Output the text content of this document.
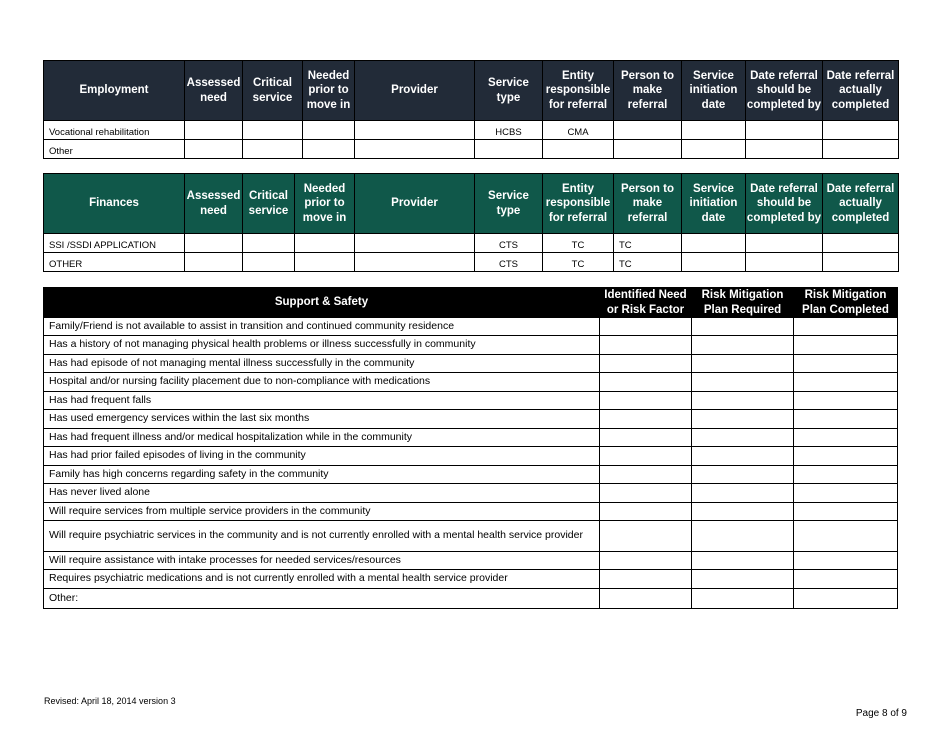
Employment	Assessed need	Critical service	Needed prior to move in	Provider	Service type	Entity responsible for referral	Person to make referral	Service initiation date	Date referral should be completed by	Date referral actually completed
Vocational rehabilitation					HCBS	CMA				
Other										
Finances	Assessed need	Critical service	Needed prior to move in	Provider	Service type	Entity responsible for referral	Person to make referral	Service initiation date	Date referral should be completed by	Date referral actually completed
SSI /SSDI APPLICATION					CTS	TC	TC			
OTHER					CTS	TC	TC			
Support & Safety	Identified Need or Risk Factor	Risk Mitigation Plan Required	Risk Mitigation Plan Completed
Family/Friend is not available to assist in transition and continued community residence			
Has a history of not managing physical health problems or illness successfully in community			
Has had episode of not managing mental illness successfully in the community			
Hospital and/or nursing facility placement due to non-compliance with medications			
Has had frequent falls			
Has used emergency services within the last six months			
Has had frequent illness and/or medical hospitalization while in the community			
Has had prior failed episodes of living in the community			
Family has high concerns regarding safety in the community			
Has never lived alone			
Will require services from multiple service providers in the community			
Will require psychiatric services in the community and is not currently enrolled with a mental health service provider			
Will require assistance with intake processes for needed services/resources			
Requires psychiatric medications and is not currently enrolled with a mental health service provider			
Other:			
Revised: April 18, 2014 version 3
Page 8 of 9
